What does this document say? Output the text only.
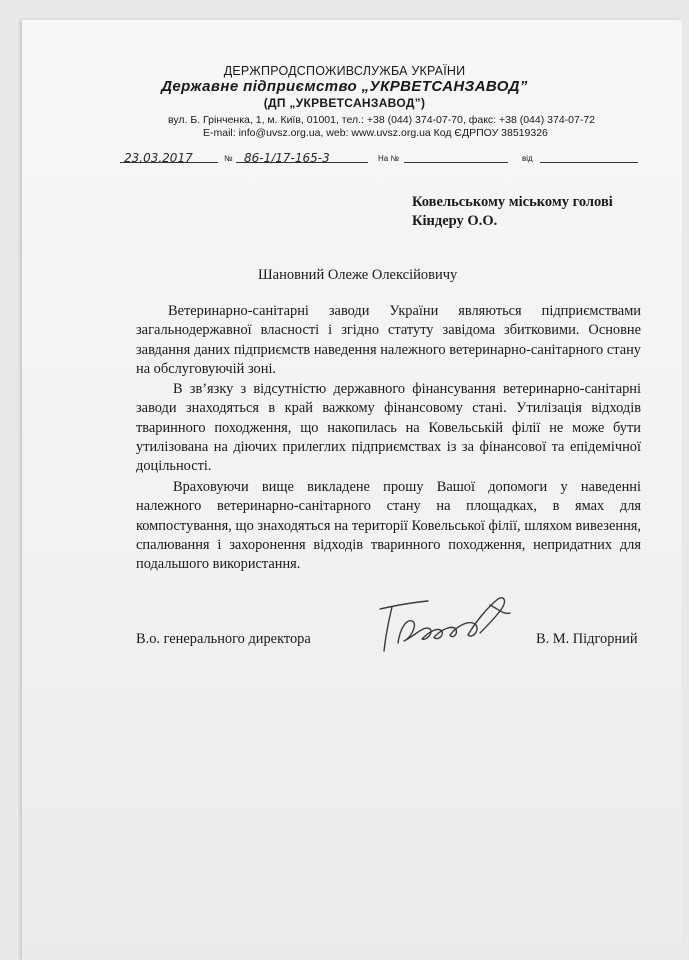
ДЕРЖПРОДСПОЖИВСЛУЖБА УКРАЇНИ
Державне підприємство „УКРВЕТСАНЗАВОД”
(ДП „УКРВЕТСАНЗАВОД”)
вул. Б. Грінченка, 1, м. Київ, 01001, тел.: +38 (044) 374-07-70, факс: +38 (044) 374-07-72
E-mail: info@uvsz.org.ua, web: www.uvsz.org.ua Код ЄДРПОУ 38519326
23.03.2017	№ 86-1/17-165-3	На №	від
Ковельському міському голові
Кіндеру О.О.
Шановний Олеже Олексійовичу
Ветеринарно-санітарні заводи України являються підприємствами загальнодержавної власності і згідно статуту завідома збитковими. Основне завдання даних підприємств наведення належного ветеринарно-санітарного стану на обслуговуючій зоні.
В зв’язку з відсутністю державного фінансування ветеринарно-санітарні заводи знаходяться в край важкому фінансовому стані. Утилізація відходів тваринного походження, що накопилась на Ковельській філії не може бути утилізована на діючих прилеглих підприємствах із за фінансової та епідемічної доцільності.
Враховуючи вище викладене прошу Вашої допомоги у наведенні належного ветеринарно-санітарного стану на площадках, в ямах для компостування, що знаходяться на території Ковельської філії, шляхом вивезення, спалювання і захоронення відходів тваринного походження, непридатних для подальшого використання.
В.о. генерального директора	В. М. Підгорний
